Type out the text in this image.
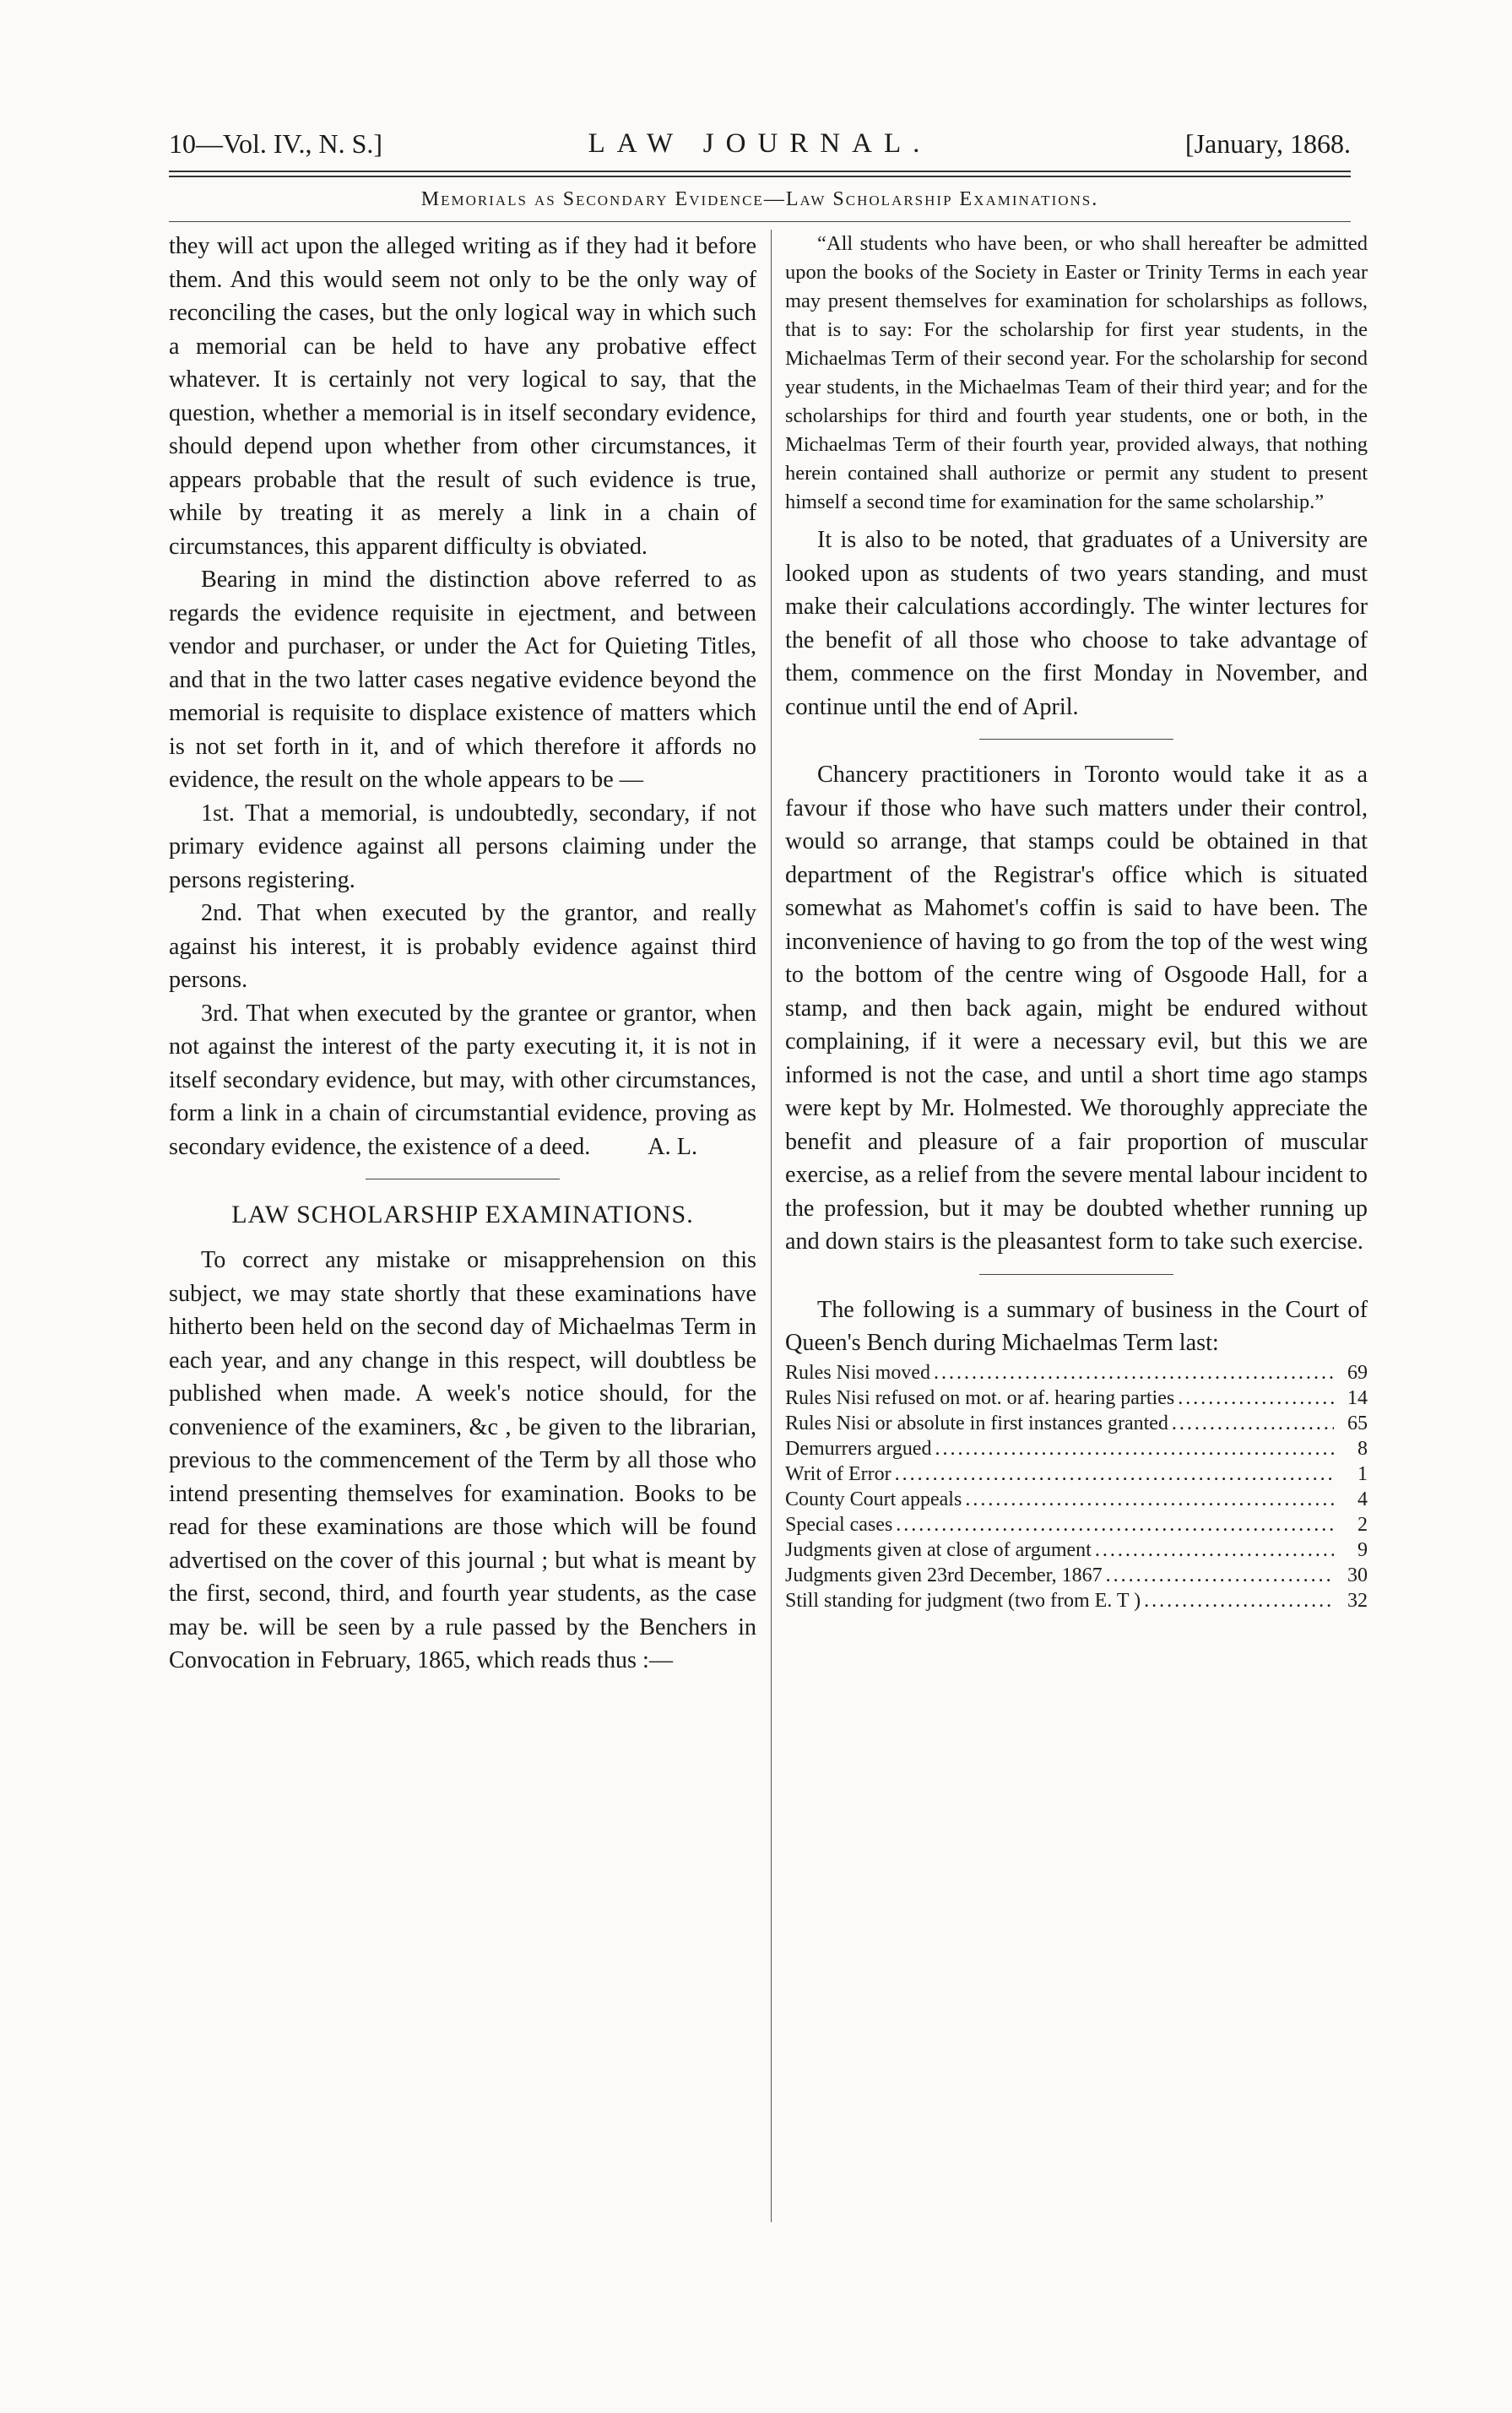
10—Vol. IV., N. S.]	LAW JOURNAL.	[January, 1868.
Memorials as Secondary Evidence—Law Scholarship Examinations.

they will act upon the alleged writing as if they had it before them. And this would seem not only to be the only way of reconciling the cases, but the only logical way in which such a memorial can be held to have any probative effect whatever. It is certainly not very logical to say, that the question, whether a memorial is in itself secondary evidence, should depend upon whether from other circumstances, it appears probable that the result of such evidence is true, while by treating it as merely a link in a chain of circumstances, this apparent difficulty is obviated.

Bearing in mind the distinction above referred to as regards the evidence requisite in ejectment, and between vendor and purchaser, or under the Act for Quieting Titles, and that in the two latter cases negative evidence beyond the memorial is requisite to displace existence of matters which is not set forth in it, and of which therefore it affords no evidence, the result on the whole appears to be —

1st. That a memorial, is undoubtedly, secondary, if not primary evidence against all persons claiming under the persons registering.

2nd. That when executed by the grantor, and really against his interest, it is probably evidence against third persons.

3rd. That when executed by the grantee or grantor, when not against the interest of the party executing it, it is not in itself secondary evidence, but may, with other circumstances, form a link in a chain of circumstantial evidence, proving as secondary evidence, the existence of a deed.	A. L.

LAW SCHOLARSHIP EXAMINATIONS.

To correct any mistake or misapprehension on this subject, we may state shortly that these examinations have hitherto been held on the second day of Michaelmas Term in each year, and any change in this respect, will doubtless be published when made. A week's notice should, for the convenience of the examiners, &c , be given to the librarian, previous to the commencement of the Term by all those who intend presenting themselves for examination. Books to be read for these examinations are those which will be found advertised on the cover of this journal ; but what is meant by the first, second, third, and fourth year students, as the case may be. will be seen by a rule passed by the Benchers in Convocation in February, 1865, which reads thus :—

“All students who have been, or who shall hereafter be admitted upon the books of the Society in Easter or Trinity Terms in each year may present themselves for examination for scholarships as follows, that is to say: For the scholarship for first year students, in the Michaelmas Term of their second year. For the scholarship for second year students, in the Michaelmas Team of their third year; and for the scholarships for third and fourth year students, one or both, in the Michaelmas Term of their fourth year, provided always, that nothing herein contained shall authorize or permit any student to present himself a second time for examination for the same scholarship.”

It is also to be noted, that graduates of a University are looked upon as students of two years standing, and must make their calculations accordingly. The winter lectures for the benefit of all those who choose to take advantage of them, commence on the first Monday in November, and continue until the end of April.

Chancery practitioners in Toronto would take it as a favour if those who have such matters under their control, would so arrange, that stamps could be obtained in that department of the Registrar's office which is situated somewhat as Mahomet's coffin is said to have been. The inconvenience of having to go from the top of the west wing to the bottom of the centre wing of Osgoode Hall, for a stamp, and then back again, might be endured without complaining, if it were a necessary evil, but this we are informed is not the case, and until a short time ago stamps were kept by Mr. Holmested. We thoroughly appreciate the benefit and pleasure of a fair proportion of muscular exercise, as a relief from the severe mental labour incident to the profession, but it may be doubted whether running up and down stairs is the pleasantest form to take such exercise.

The following is a summary of business in the Court of Queen's Bench during Michaelmas Term last:

Rules Nisi moved .....	69
Rules Nisi refused on mot. or af. hearing parties .....	14
Rules Nisi or absolute in first instances granted .....	65
Demurrers argued .....	8
Writ of Error .....	1
County Court appeals .....	4
Special cases .....	2
Judgments given at close of argument .....	9
Judgments given 23rd December, 1867 .....	30
Still standing for judgment (two from E. T ) .....	32
